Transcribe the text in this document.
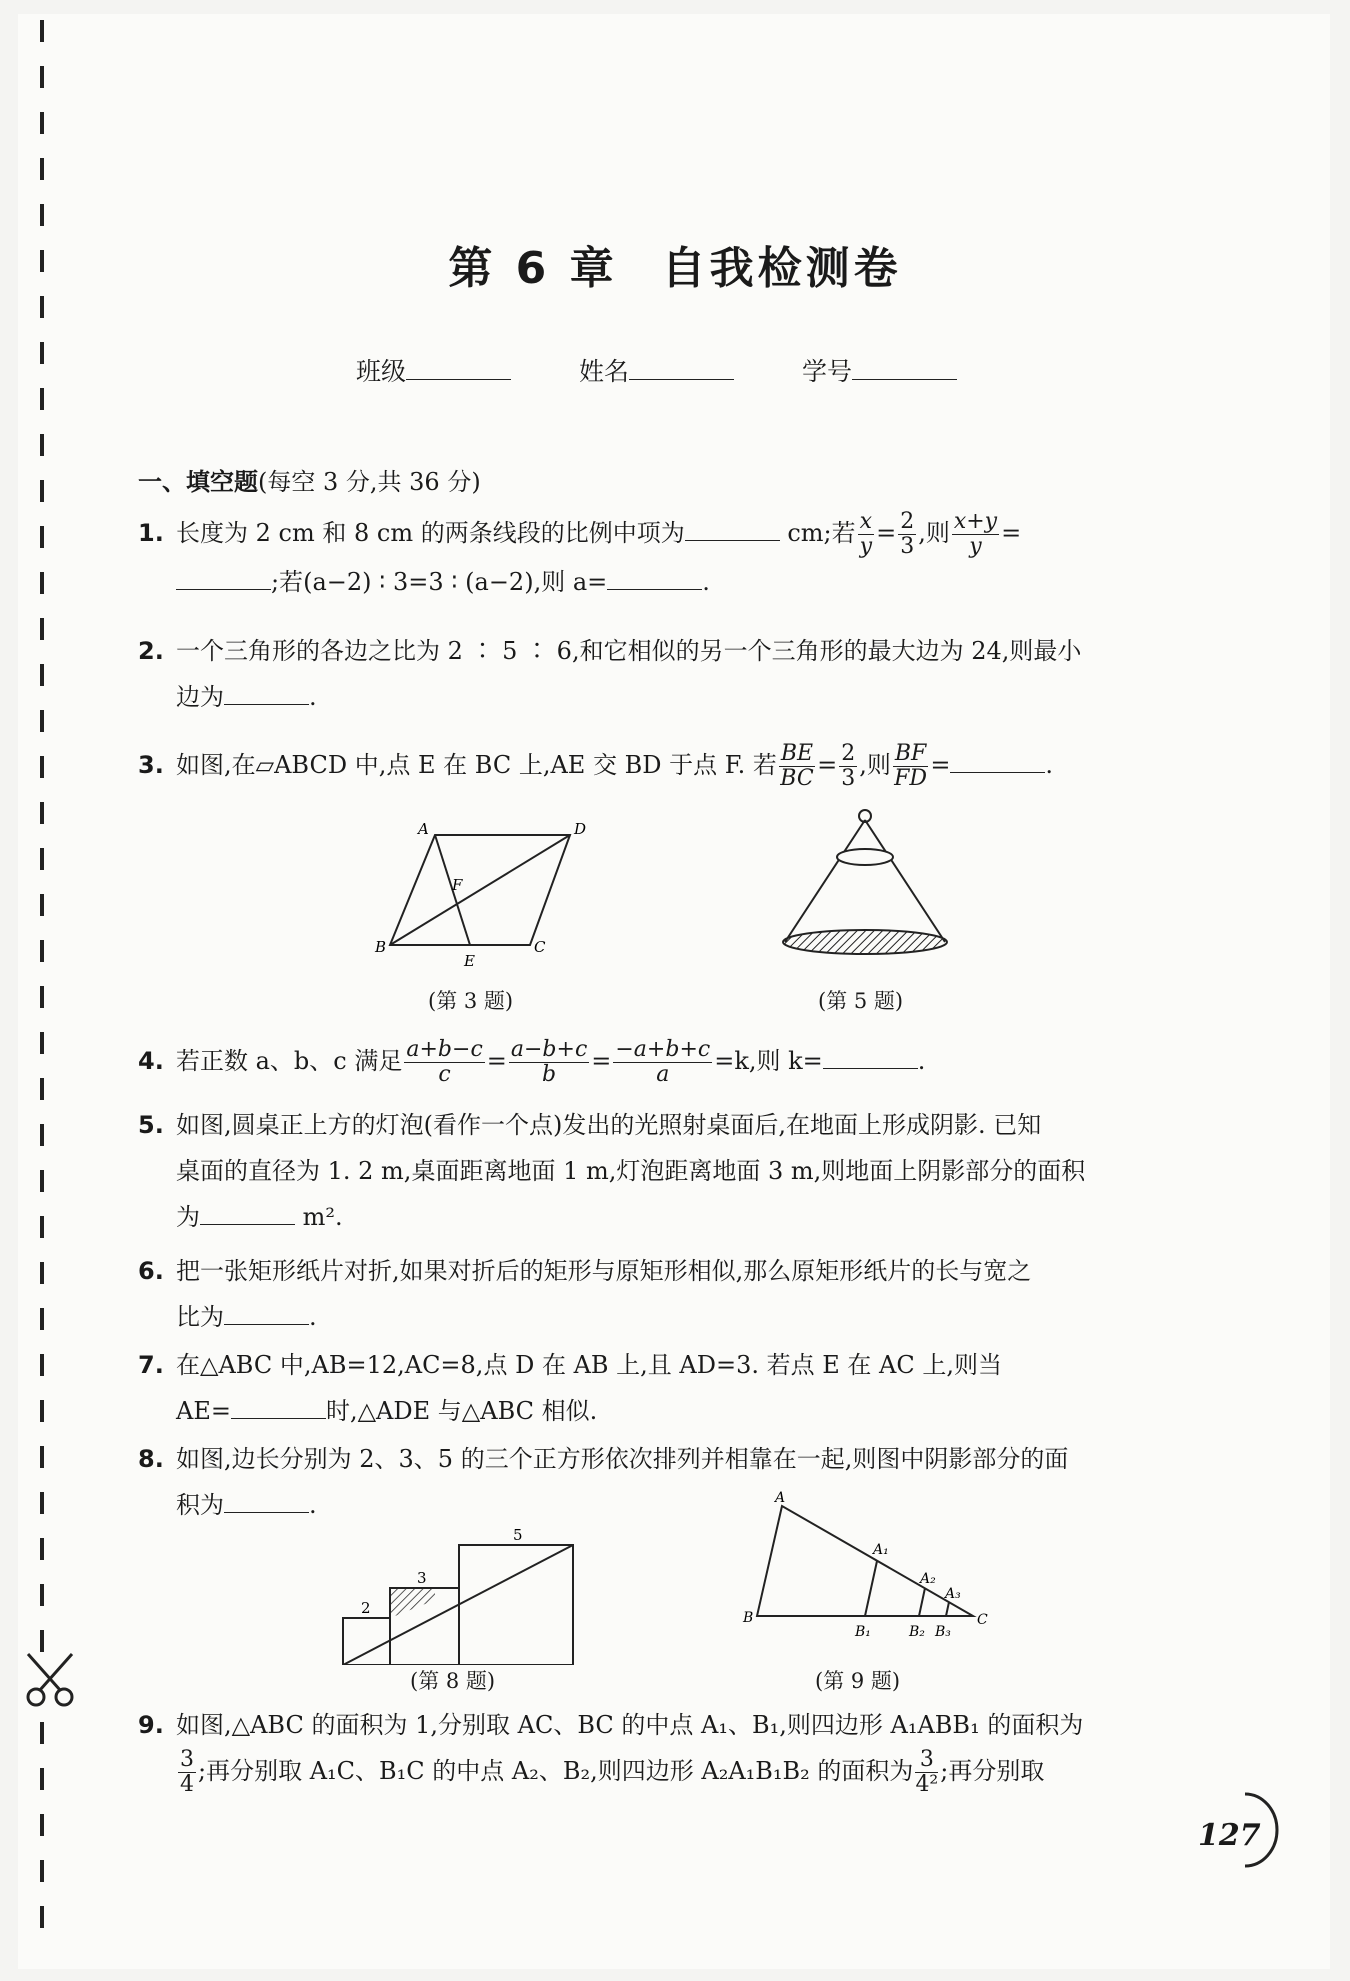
第 6 章 自我检测卷
班级	姓名	学号
一、填空题(每空 3 分,共 36 分)
1. 长度为 2 cm 和 8 cm 的两条线段的比例中项为	cm;若 $\frac{x}{y} = \frac{2}{3}$ ,则 $\frac{x+y}{y}$ =
;若(a−2) ∶ 3=3 ∶ (a−2),则 a=	.
2. 一个三角形的各边之比为 2 ∶ 5 ∶ 6,和它相似的另一个三角形的最大边为 24,则最小
边为	.
3. 如图,在▱ABCD 中,点 E 在 BC 上,AE 交 BD 于点 F. 若 $\frac{BE}{BC} = \frac{2}{3}$ ,则 $\frac{BF}{FD}$ =	.
A	D
F
B	C
E
(第 3 题)	(第 5 题)
4. 若正数 a、b、c 满足 $\frac{a+b-c}{c} = \frac{a-b+c}{b} = \frac{-a+b+c}{a} =k$,则 k=	.
5. 如图,圆桌正上方的灯泡(看作一个点)发出的光照射桌面后,在地面上形成阴影. 已知
桌面的直径为 1. 2 m,桌面距离地面 1 m,灯泡距离地面 3 m,则地面上阴影部分的面积
为	m².
6. 把一张矩形纸片对折,如果对折后的矩形与原矩形相似,那么原矩形纸片的长与宽之
比为	.
7. 在△ABC 中,AB=12,AC=8,点 D 在 AB 上,且 AD=3. 若点 E 在 AC 上,则当
AE=	时,△ADE 与△ABC 相似.
8. 如图,边长分别为 2、3、5 的三个正方形依次排列并相靠在一起,则图中阴影部分的面
积为	.
2
3
5
(第 8 题)
A
A₁
A₂
A₃
B
B₁	B₂ B₃
C
(第 9 题)
9. 如图,△ABC 的面积为 1,分别取 AC、BC 的中点 A₁、B₁,则四边形 A₁ABB₁ 的面积为

$\frac{3}{4}$ ;再分别取 A₁C、B₁C 的中点 A₂、B₂,则四边形 A₂A₁B₁B₂ 的面积为 $\frac{3}{\text{4²}}$ ;再分别取
127
